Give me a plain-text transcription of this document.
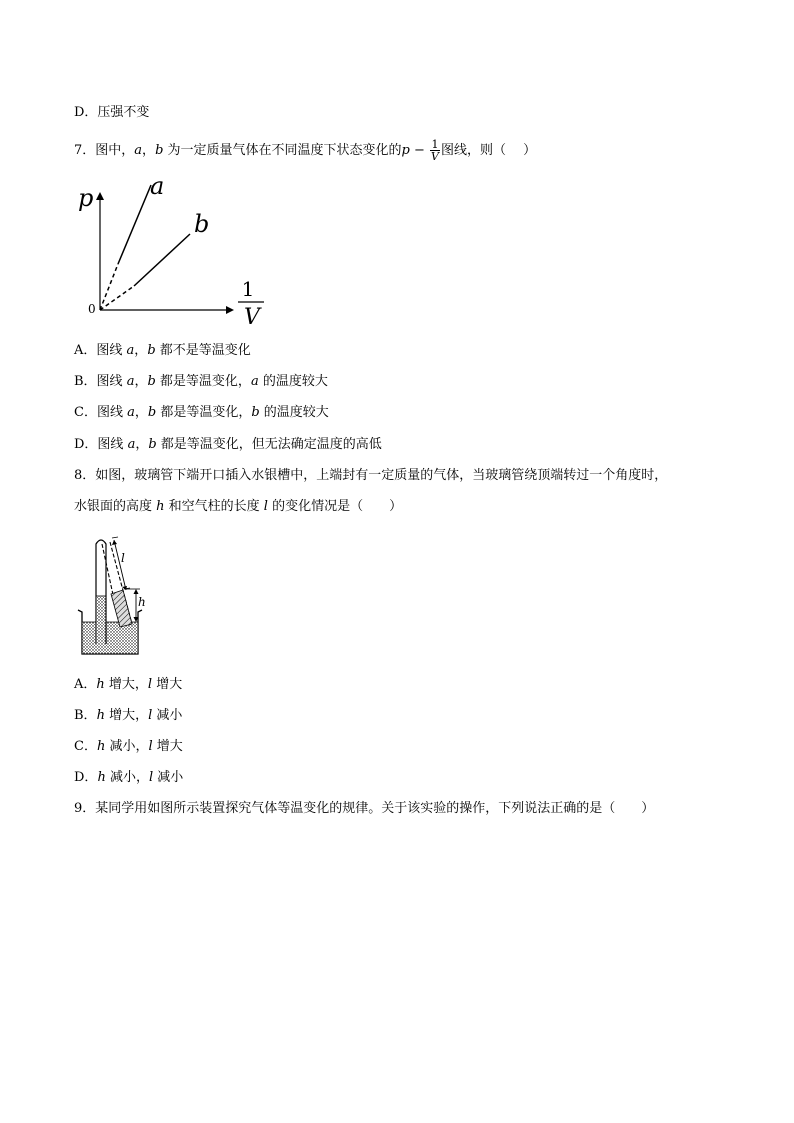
D．压强不变
7．图中，a，b 为一定质量气体在不同温度下状态变化的$p - \frac{1}{V}$ 图线，则（　 ）
p a
b
0
1
V
A．图线 a，b 都不是等温变化
B．图线 a，b 都是等温变化，a 的温度较大
C．图线 a，b 都是等温变化，b 的温度较大
D．图线 a，b 都是等温变化，但无法确定温度的高低
8．如图，玻璃管下端开口插入水银槽中，上端封有一定质量的气体，当玻璃管绕顶端转过一个角度时，
水银面的高度 h 和空气柱的长度 l 的变化情况是（　　）
l
h
A．h 增大，l 增大
B．h 增大，l 减小
C．h 减小，l 增大
D．h 减小，l 减小
9．某同学用如图所示装置探究气体等温变化的规律。关于该实验的操作，下列说法正确的是（　　）
